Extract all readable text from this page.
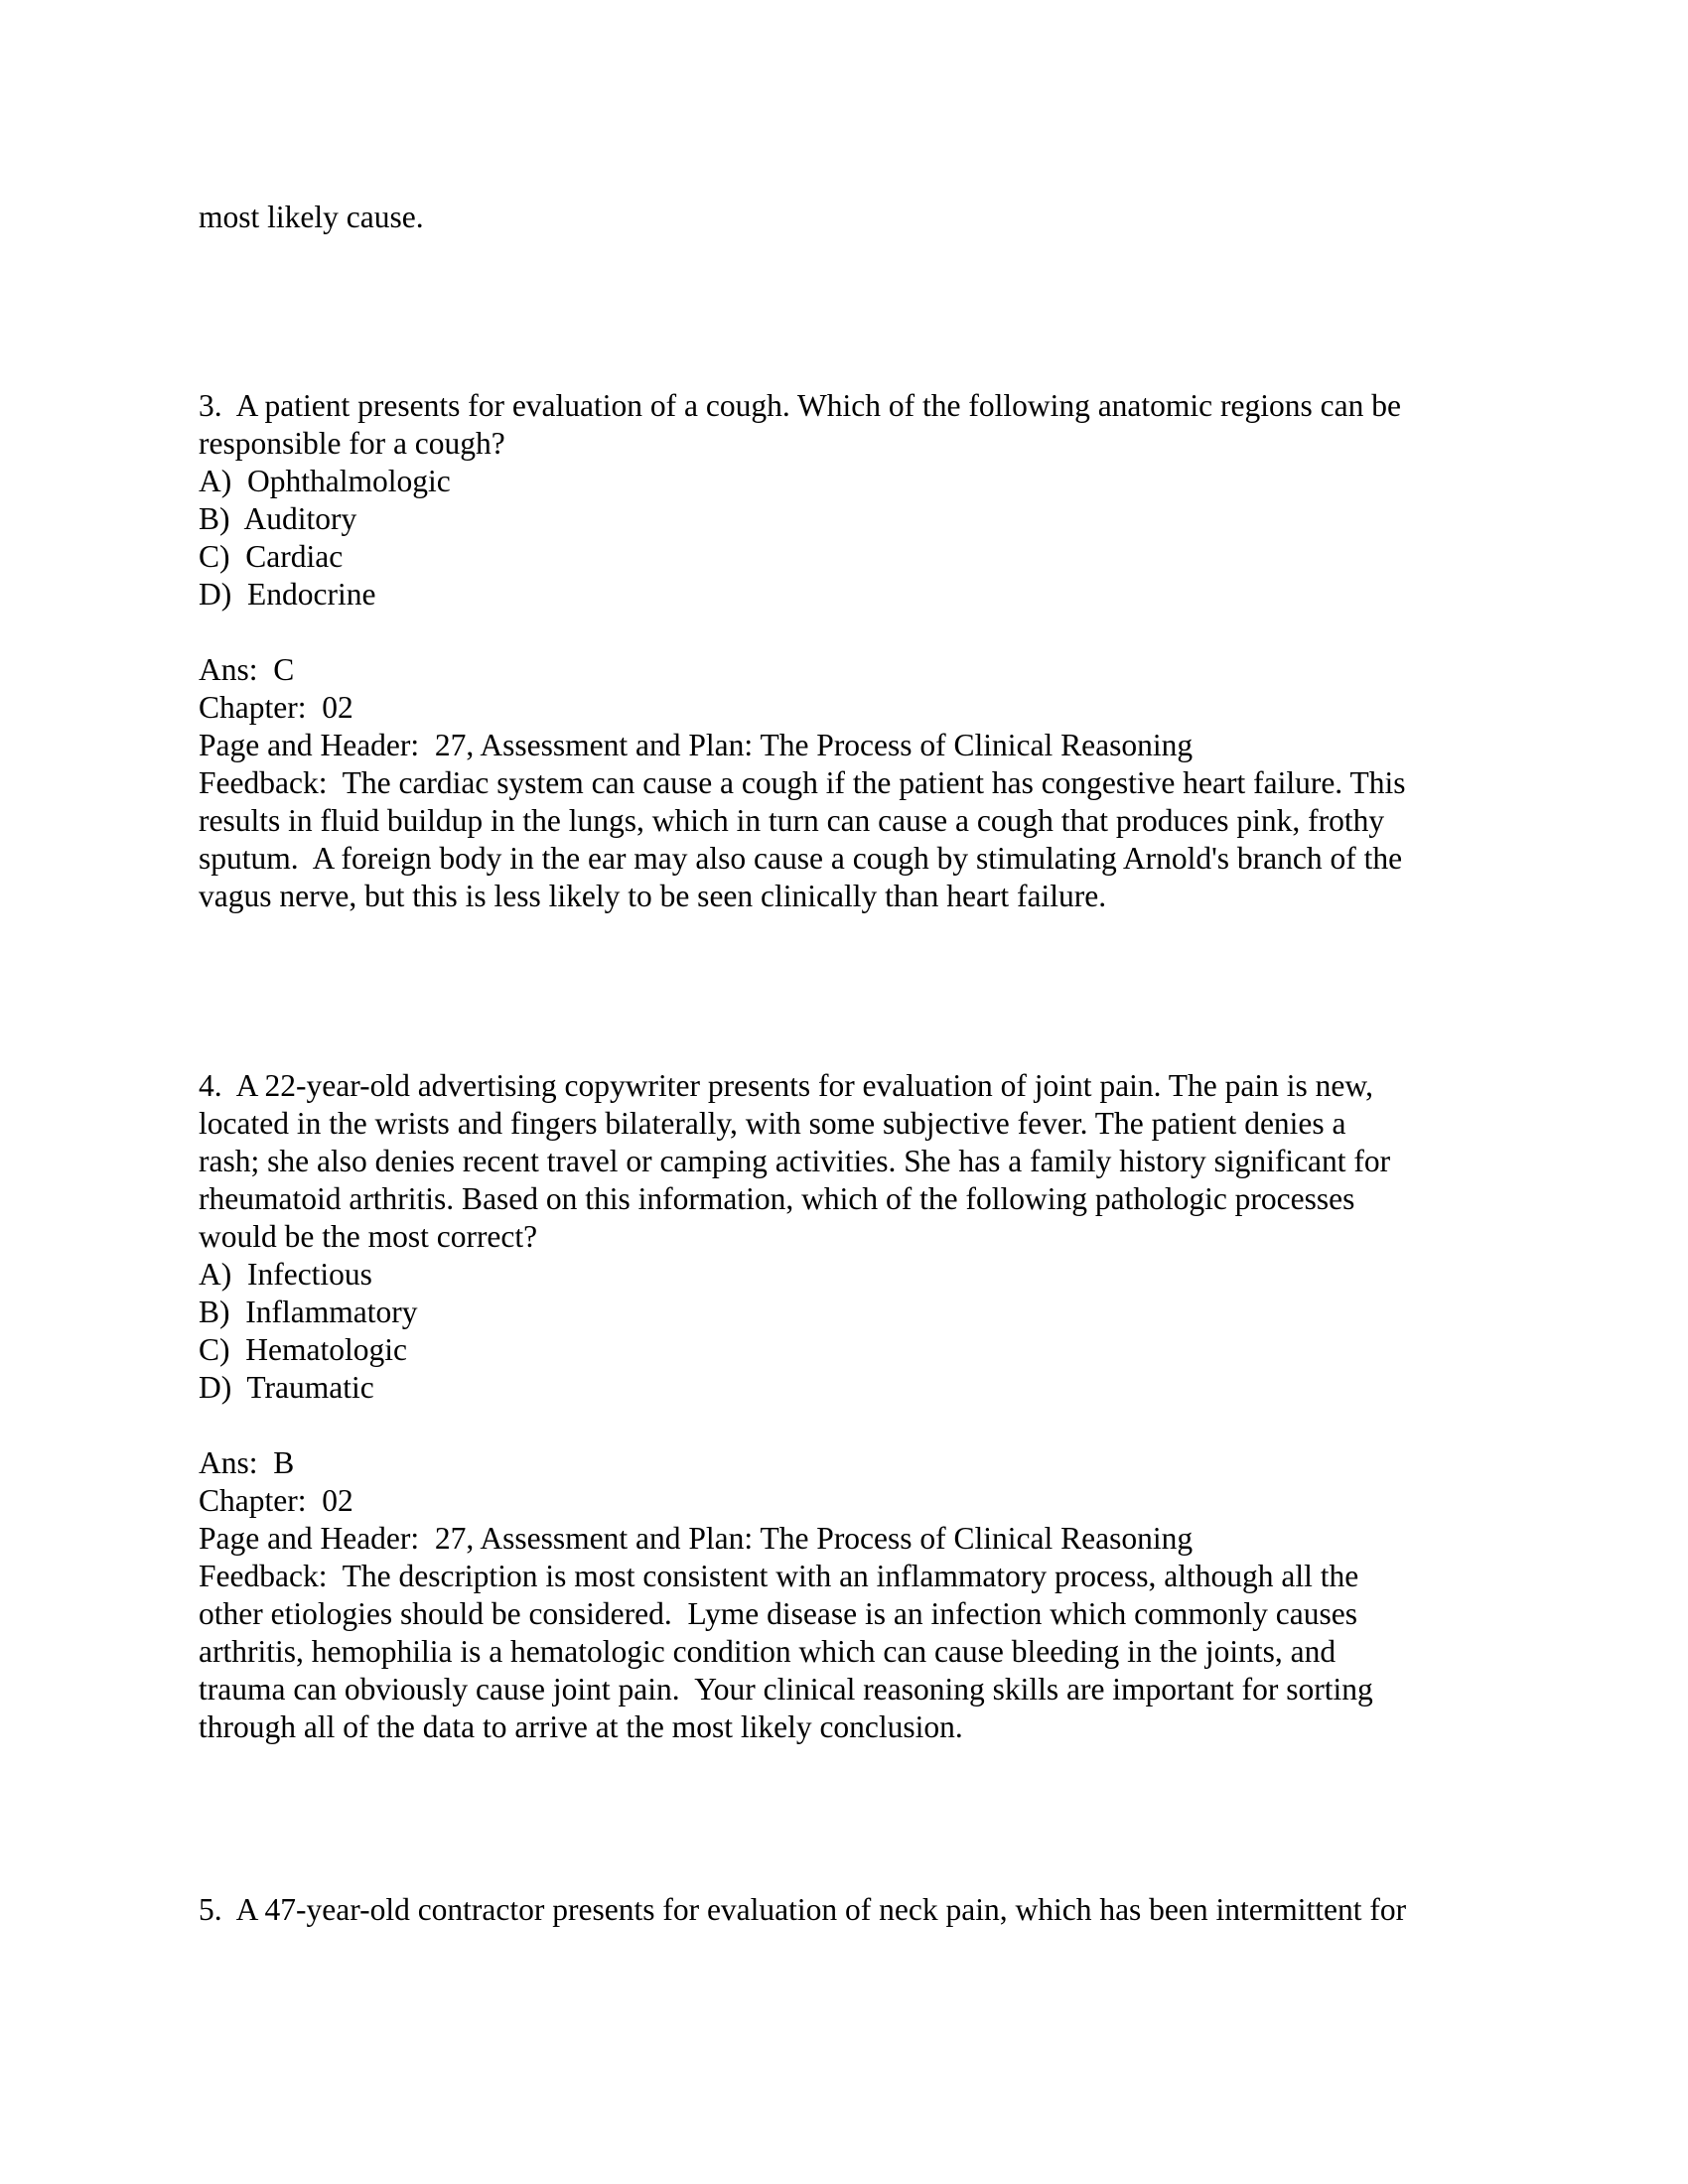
most likely cause.

3.  A patient presents for evaluation of a cough. Which of the following anatomic regions can be

responsible for a cough?

A)  Ophthalmologic

B)  Auditory

C)  Cardiac

D)  Endocrine

Ans:  C

Chapter:  02

Page and Header:  27, Assessment and Plan: The Process of Clinical Reasoning

Feedback:  The cardiac system can cause a cough if the patient has congestive heart failure. This

results in fluid buildup in the lungs, which in turn can cause a cough that produces pink, frothy

sputum.  A foreign body in the ear may also cause a cough by stimulating Arnold's branch of the

vagus nerve, but this is less likely to be seen clinically than heart failure.

4.  A 22-year-old advertising copywriter presents for evaluation of joint pain. The pain is new,

located in the wrists and fingers bilaterally, with some subjective fever. The patient denies a

rash; she also denies recent travel or camping activities. She has a family history significant for

rheumatoid arthritis. Based on this information, which of the following pathologic processes

would be the most correct?

A)  Infectious

B)  Inflammatory

C)  Hematologic

D)  Traumatic

Ans:  B

Chapter:  02

Page and Header:  27, Assessment and Plan: The Process of Clinical Reasoning

Feedback:  The description is most consistent with an inflammatory process, although all the

other etiologies should be considered.  Lyme disease is an infection which commonly causes

arthritis, hemophilia is a hematologic condition which can cause bleeding in the joints, and

trauma can obviously cause joint pain.  Your clinical reasoning skills are important for sorting

through all of the data to arrive at the most likely conclusion.

5.  A 47-year-old contractor presents for evaluation of neck pain, which has been intermittent for
